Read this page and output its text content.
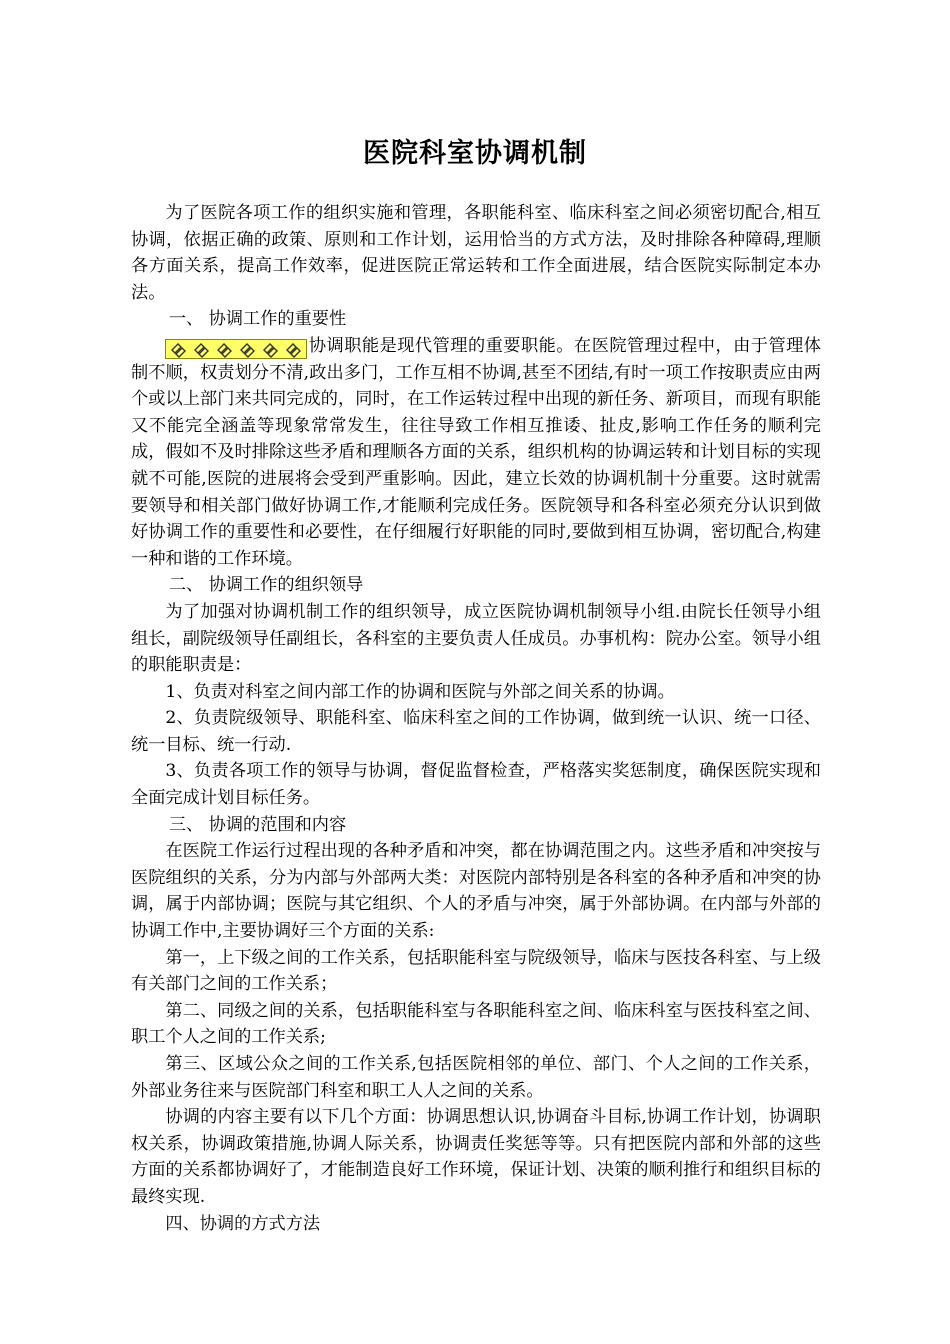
医院科室协调机制

为了医院各项工作的组织实施和管理，各职能科室、临床科室之间必须密切配合,相互协调，依据正确的政策、原则和工作计划，运用恰当的方式方法，及时排除各种障碍,理顺各方面关系，提高工作效率，促进医院正常运转和工作全面进展，结合医院实际制定本办法。

一、 协调工作的重要性

协调职能是现代管理的重要职能。在医院管理过程中，由于管理体制不顺，权责划分不清,政出多门，工作互相不协调,甚至不团结,有时一项工作按职责应由两个或以上部门来共同完成的，同时，在工作运转过程中出现的新任务、新项目，而现有职能又不能完全涵盖等现象常常发生，往往导致工作相互推诿、扯皮,影响工作任务的顺利完成，假如不及时排除这些矛盾和理顺各方面的关系，组织机构的协调运转和计划目标的实现就不可能,医院的进展将会受到严重影响。因此，建立长效的协调机制十分重要。这时就需要领导和相关部门做好协调工作,才能顺利完成任务。医院领导和各科室必须充分认识到做好协调工作的重要性和必要性，在仔细履行好职能的同时,要做到相互协调，密切配合,构建一种和谐的工作环境。

二、 协调工作的组织领导

为了加强对协调机制工作的组织领导，成立医院协调机制领导小组.由院长任领导小组组长，副院级领导任副组长，各科室的主要负责人任成员。办事机构：院办公室。领导小组的职能职责是：

1、负责对科室之间内部工作的协调和医院与外部之间关系的协调。

2、负责院级领导、职能科室、临床科室之间的工作协调，做到统一认识、统一口径、统一目标、统一行动.

3、负责各项工作的领导与协调，督促监督检查，严格落实奖惩制度，确保医院实现和全面完成计划目标任务。

三、 协调的范围和内容

在医院工作运行过程出现的各种矛盾和冲突，都在协调范围之内。这些矛盾和冲突按与医院组织的关系，分为内部与外部两大类：对医院内部特别是各科室的各种矛盾和冲突的协调，属于内部协调；医院与其它组织、个人的矛盾与冲突，属于外部协调。在内部与外部的协调工作中,主要协调好三个方面的关系:

第一，上下级之间的工作关系，包括职能科室与院级领导，临床与医技各科室、与上级有关部门之间的工作关系；

第二、同级之间的关系，包括职能科室与各职能科室之间、临床科室与医技科室之间、职工个人之间的工作关系;

第三、区域公众之间的工作关系,包括医院相邻的单位、部门、个人之间的工作关系，外部业务往来与医院部门科室和职工人人之间的关系。

协调的内容主要有以下几个方面：协调思想认识,协调奋斗目标,协调工作计划，协调职权关系，协调政策措施,协调人际关系，协调责任奖惩等等。只有把医院内部和外部的这些方面的关系都协调好了，才能制造良好工作环境，保证计划、决策的顺利推行和组织目标的最终实现.

四、协调的方式方法
